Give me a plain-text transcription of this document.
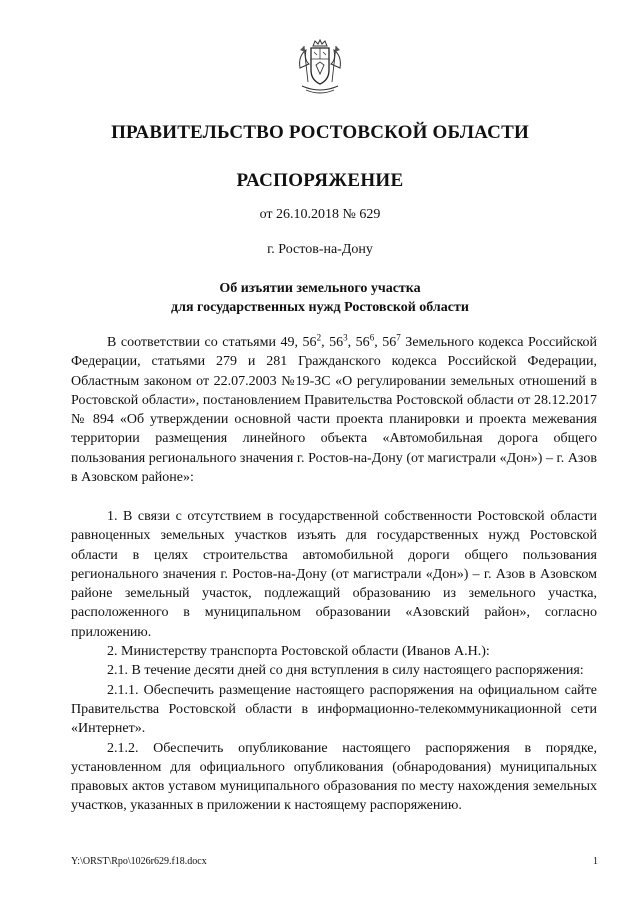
ПРАВИТЕЛЬСТВО РОСТОВСКОЙ ОБЛАСТИ
РАСПОРЯЖЕНИЕ
от 26.10.2018 № 629
г. Ростов-на-Дону
Об изъятии земельного участка
для государственных нужд Ростовской области

В соответствии со статьями 49, $56^2$, $56^3$, $56^6$, $56^7$ Земельного кодекса Российской Федерации, статьями 279 и 281 Гражданского кодекса Российской Федерации, Областным законом от 22.07.2003 №19-ЗС «О регулировании земельных отношений в Ростовской области», постановлением Правительства Ростовской области от 28.12.2017 № 894 «Об утверждении основной части проекта планировки и проекта межевания территории размещения линейного объекта «Автомобильная дорога общего пользования регионального значения г. Ростов-на-Дону (от магистрали «Дон») – г. Азов в Азовском районе»:

1. В связи с отсутствием в государственной собственности Ростовской области равноценных земельных участков изъять для государственных нужд Ростовской области в целях строительства автомобильной дороги общего пользования регионального значения г. Ростов-на-Дону (от магистрали «Дон») – г. Азов в Азовском районе земельный участок, подлежащий образованию из земельного участка, расположенного в муниципальном образовании «Азовский район», согласно приложению.

2. Министерству транспорта Ростовской области (Иванов А.Н.):

2.1. В течение десяти дней со дня вступления в силу настоящего распоряжения:

2.1.1. Обеспечить размещение настоящего распоряжения на официальном сайте Правительства Ростовской области в информационно-телекоммуникационной сети «Интернет».

2.1.2. Обеспечить опубликование настоящего распоряжения в порядке, установленном для официального опубликования (обнародования) муниципальных правовых актов уставом муниципального образования по месту нахождения земельных участков, указанных в приложении к настоящему распоряжению.

Y:\ORST\Rpo\1026r629.f18.docx	1
